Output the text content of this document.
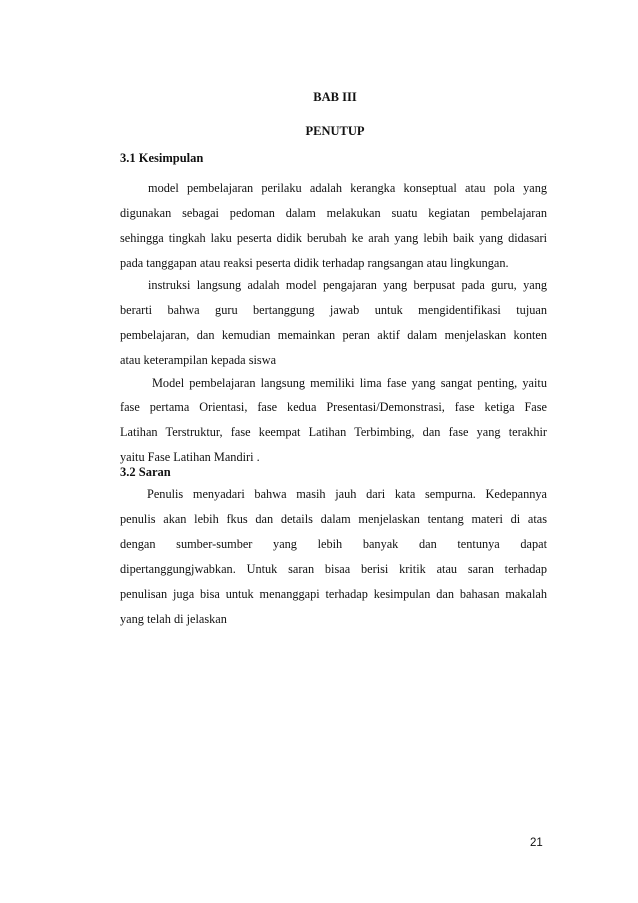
BAB III
PENUTUP
3.1 Kesimpulan
model pembelajaran perilaku adalah kerangka konseptual atau pola yang
digunakan sebagai pedoman dalam melakukan suatu kegiatan pembelajaran
sehingga tingkah laku peserta didik berubah ke arah yang lebih baik yang didasari
pada tanggapan atau reaksi peserta didik terhadap rangsangan atau lingkungan.
instruksi langsung adalah model pengajaran yang berpusat pada guru, yang
berarti bahwa guru bertanggung jawab untuk mengidentifikasi tujuan
pembelajaran, dan kemudian memainkan peran aktif dalam menjelaskan konten
atau keterampilan kepada siswa
Model pembelajaran langsung memiliki lima fase yang sangat penting, yaitu
fase pertama Orientasi, fase kedua Presentasi/Demonstrasi, fase ketiga Fase
Latihan Terstruktur, fase keempat Latihan Terbimbing, dan fase yang terakhir
yaitu Fase Latihan Mandiri .
3.2 Saran
Penulis menyadari bahwa masih jauh dari kata sempurna. Kedepannya
penulis akan lebih fkus dan details dalam menjelaskan tentang materi di atas
dengan sumber-sumber yang lebih banyak dan tentunya dapat
dipertanggungjwabkan. Untuk saran bisaa berisi kritik atau saran terhadap
penulisan juga bisa untuk menanggapi terhadap kesimpulan dan bahasan makalah
yang telah di jelaskan
21
